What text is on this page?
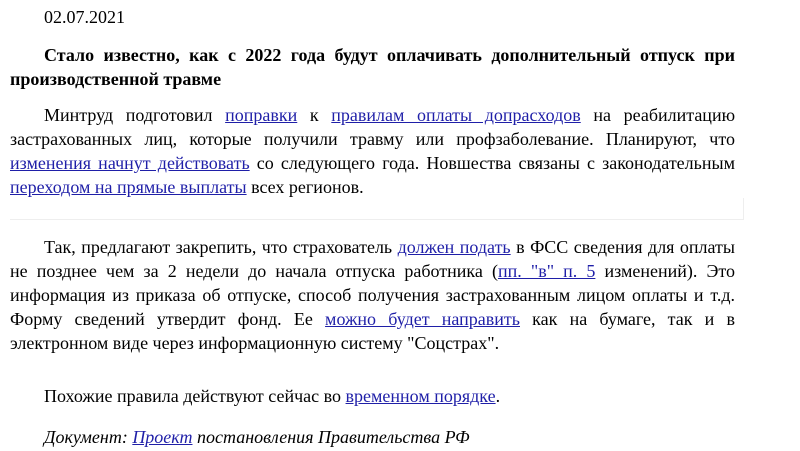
02.07.2021

Стало известно, как с 2022 года будут оплачивать дополнительный отпуск при производственной травме

Минтруд подготовил поправки к правилам оплаты допрасходов на реабилитацию застрахованных лиц, которые получили травму или профзаболевание. Планируют, что изменения начнут действовать со следующего года. Новшества связаны с законодательным переходом на прямые выплаты всех регионов.

Так, предлагают закрепить, что страхователь должен подать в ФСС сведения для оплаты не позднее чем за 2 недели до начала отпуска работника (пп. "в" п. 5 изменений). Это информация из приказа об отпуске, способ получения застрахованным лицом оплаты и т.д. Форму сведений утвердит фонд. Ее можно будет направить как на бумаге, так и в электронном виде через информационную систему "Соцстрах".

Похожие правила действуют сейчас во временном порядке.

Документ: Проект постановления Правительства РФ
